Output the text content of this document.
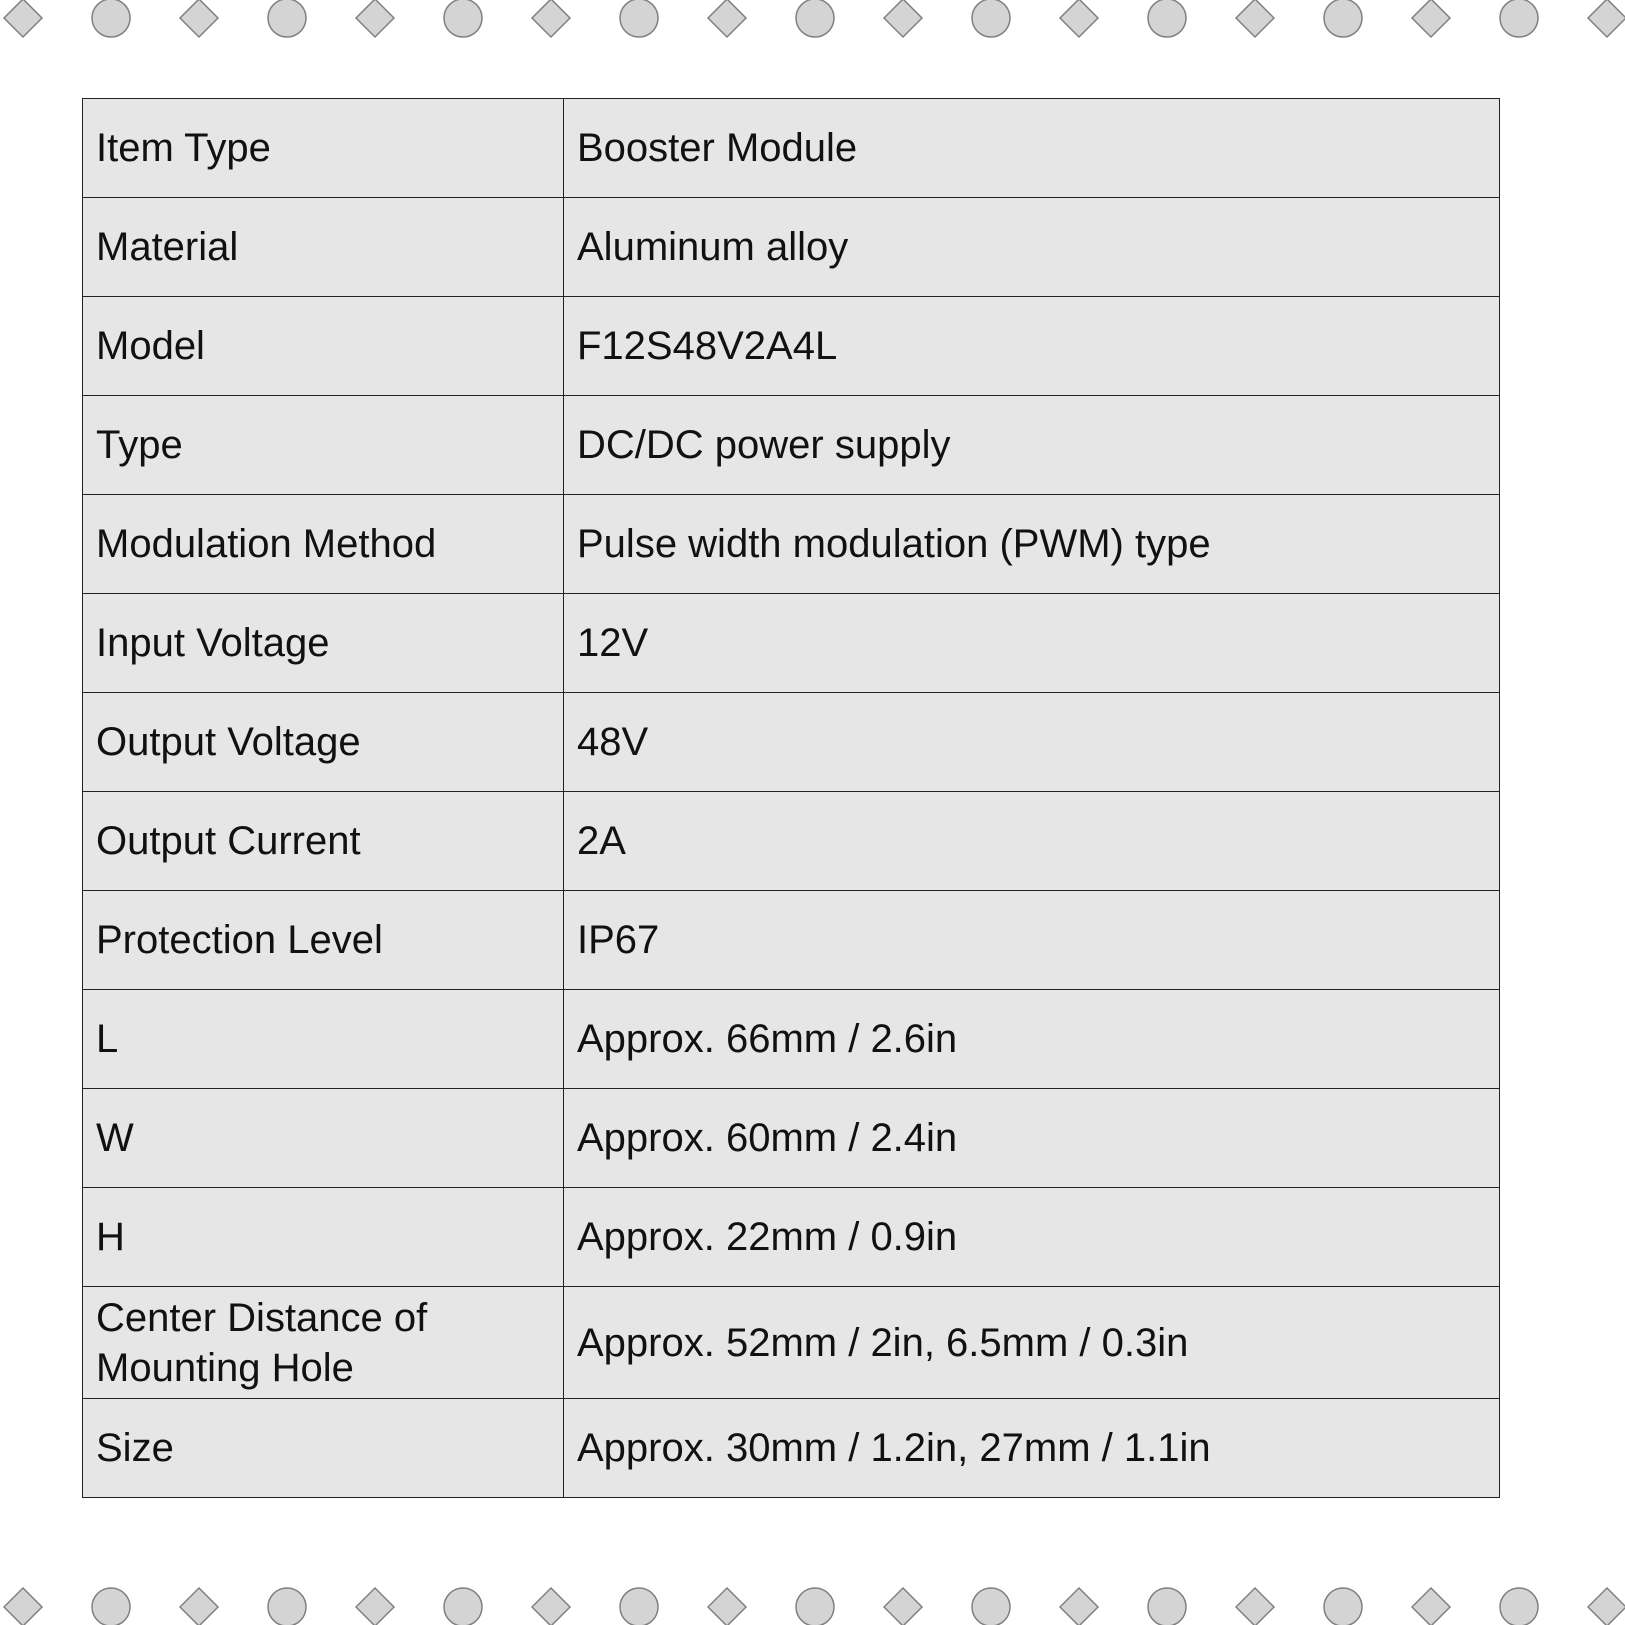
Item Type	Booster Module
Material	Aluminum alloy
Model	F12S48V2A4L
Type	DC/DC power supply
Modulation Method	Pulse width modulation (PWM) type
Input Voltage	12V
Output Voltage	48V
Output Current	2A
Protection Level	IP67
L	Approx. 66mm / 2.6in
W	Approx. 60mm / 2.4in
H	Approx. 22mm / 0.9in
Center Distance of Mounting Hole	Approx. 52mm / 2in, 6.5mm / 0.3in
Size	Approx. 30mm / 1.2in, 27mm / 1.1in
